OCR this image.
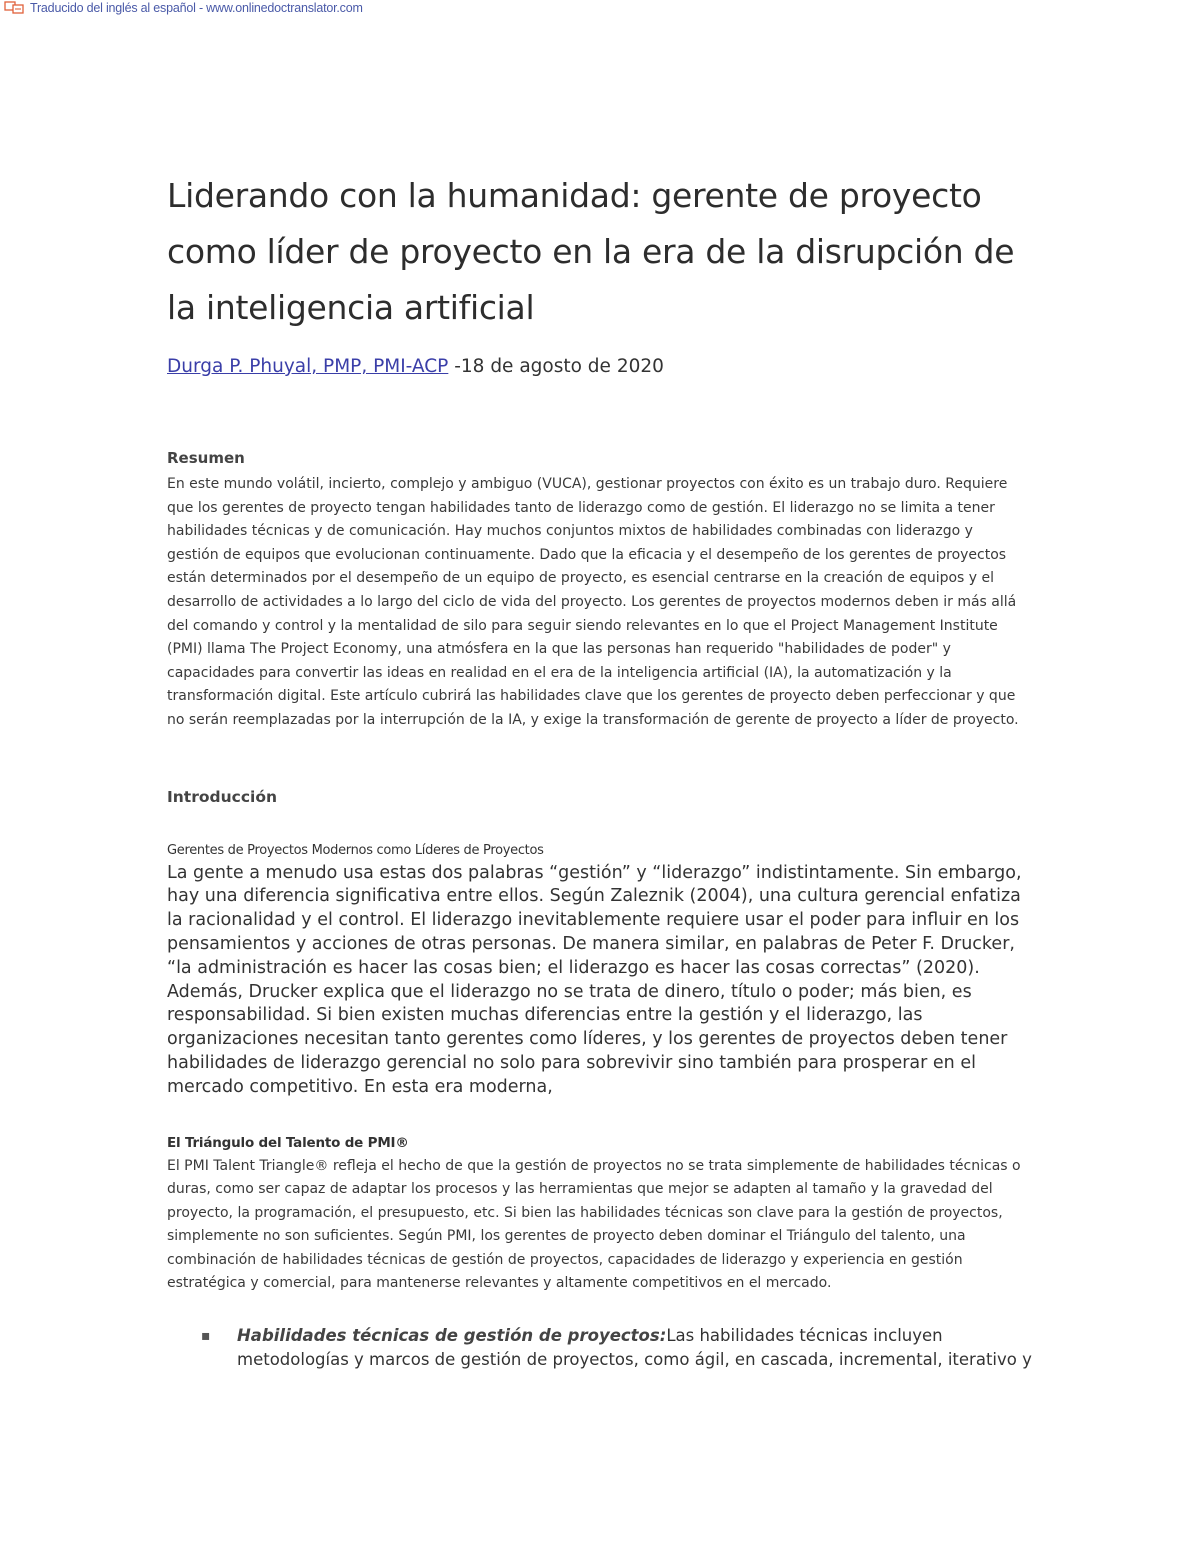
Traducido del inglés al español - www.onlinedoctranslator.com
Liderando con la humanidad: gerente de proyecto como líder de proyecto en la era de la disrupción de la inteligencia artificial
Durga P. Phuyal, PMP, PMI-ACP -18 de agosto de 2020
Resumen

En este mundo volátil, incierto, complejo y ambiguo (VUCA), gestionar proyectos con éxito es un trabajo duro. Requiere que los gerentes de proyecto tengan habilidades tanto de liderazgo como de gestión. El liderazgo no se limita a tener habilidades técnicas y de comunicación. Hay muchos conjuntos mixtos de habilidades combinadas con liderazgo y gestión de equipos que evolucionan continuamente. Dado que la eficacia y el desempeño de los gerentes de proyectos están determinados por el desempeño de un equipo de proyecto, es esencial centrarse en la creación de equipos y el desarrollo de actividades a lo largo del ciclo de vida del proyecto. Los gerentes de proyectos modernos deben ir más allá del comando y control y la mentalidad de silo para seguir siendo relevantes en lo que el Project Management Institute (PMI) llama The Project Economy, una atmósfera en la que las personas han requerido "habilidades de poder" y capacidades para convertir las ideas en realidad en el era de la inteligencia artificial (IA), la automatización y la transformación digital. Este artículo cubrirá las habilidades clave que los gerentes de proyecto deben perfeccionar y que no serán reemplazadas por la interrupción de la IA, y exige la transformación de gerente de proyecto a líder de proyecto.

Introducción
Gerentes de Proyectos Modernos como Líderes de Proyectos

La gente a menudo usa estas dos palabras “gestión” y “liderazgo” indistintamente. Sin embargo, hay una diferencia significativa entre ellos. Según Zaleznik (2004), una cultura gerencial enfatiza la racionalidad y el control. El liderazgo inevitablemente requiere usar el poder para influir en los pensamientos y acciones de otras personas. De manera similar, en palabras de Peter F. Drucker, “la administración es hacer las cosas bien; el liderazgo es hacer las cosas correctas” (2020). Además, Drucker explica que el liderazgo no se trata de dinero, título o poder; más bien, es responsabilidad. Si bien existen muchas diferencias entre la gestión y el liderazgo, las organizaciones necesitan tanto gerentes como líderes, y los gerentes de proyectos deben tener habilidades de liderazgo gerencial no solo para sobrevivir sino también para prosperar en el mercado competitivo. En esta era moderna,

El Triángulo del Talento de PMI®

El PMI Talent Triangle® refleja el hecho de que la gestión de proyectos no se trata simplemente de habilidades técnicas o duras, como ser capaz de adaptar los procesos y las herramientas que mejor se adapten al tamaño y la gravedad del proyecto, la programación, el presupuesto, etc. Si bien las habilidades técnicas son clave para la gestión de proyectos, simplemente no son suficientes. Según PMI, los gerentes de proyecto deben dominar el Triángulo del talento, una combinación de habilidades técnicas de gestión de proyectos, capacidades de liderazgo y experiencia en gestión estratégica y comercial, para mantenerse relevantes y altamente competitivos en el mercado.

▪ Habilidades técnicas de gestión de proyectos:Las habilidades técnicas incluyen metodologías y marcos de gestión de proyectos, como ágil, en cascada, incremental, iterativo y
